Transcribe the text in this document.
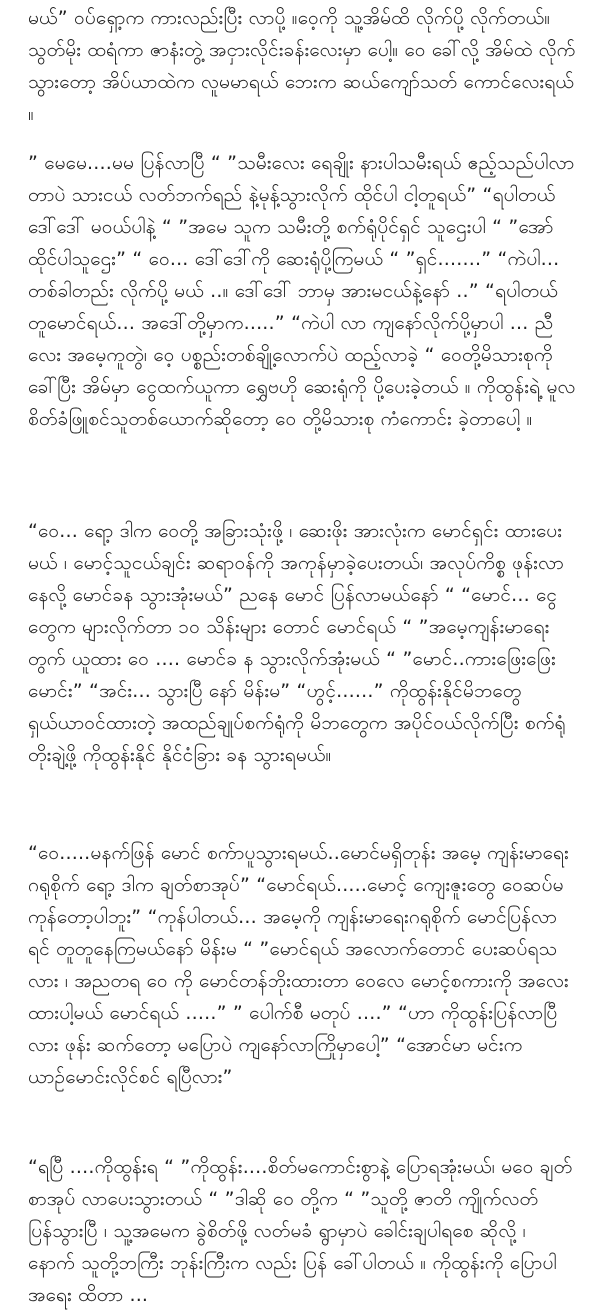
မယ်” ဝပ်ရှော့က ကားလည်းပြီး လာပို့ ။ဝေ့ကို သူ့အိမ်ထိ လိုက်ပို့ လိုက်တယ်။ သွတ်မိုး ထရံကာ ဇာနံးတွဲ့ အငှားလိုင်းခန်းလေးမှာ ပေါ့။ ဝေ ခေါ်လို့ အိမ်ထဲ လိုက်သွားတော့ အိပ်ယာထဲက လူမမာရယ် ဘေးက ဆယ်ကျော်သတ် ကောင်လေးရယ် ။

” မေမေ....မမ ပြန်လာပြီ “ ”သမီးလေး ရေချိုး နားပါသမီးရယ် ဧည့်သည်ပါလာတာပဲ သားငယ် လတ်ဘက်ရည် နဲ့မုန့်သွားလိုက် ထိုင်ပါ ငါ့တူရယ်” “ရပါတယ် ဒေါ်ဒေါ် မဝယ်ပါနဲ့ “ ”အမေ သူက သမီးတို့ စက်ရုံပိုင်ရှင် သူဌေးပါ “ ”အော် ထိုင်ပါသူဌေး” “ ဝေ... ဒေါ်ဒေါ်ကို ဆေးရုံပို့ကြမယ် “ ”ရှင်.......” “ကဲပါ... တစ်ခါတည်း လိုက်ပို့ မယ် ..။ ဒေါ်ဒေါ် ဘာမှ အားမငယ်နဲ့နော် ..” “ရပါတယ် တူမောင်ရယ်... အဒေါ်တို့မှာက.....” “ကဲပါ လာ ကျနော်လိုက်ပို့မှာပါ ... ညီလေး အမေ့ကူတွဲ၊ ဝေ့ ပစ္စည်းတစ်ချို့လောက်ပဲ ထည့်လာခဲ့ “ ဝေတို့မိသားစုကို ခေါ်ပြီး အိမ်မှာ ငွေထက်ယူကာ ရွှေဗဟို ဆေးရုံကို ပို့ပေးခဲ့တယ် ။ ကိုထွန်းရဲ့ မူလ စိတ်ခံဖြူစင်သူတစ်ယောက်ဆိုတော့ ဝေ တို့မိသားစု ကံကောင်း ခဲ့တာပေါ့ ။

“ဝေ... ရော့ ဒါက ဝေတို့ အခြားသုံးဖို့ ၊ ဆေးဖိုး အားလုံးက မောင်ရှင်း ထားပေးမယ် ၊ မောင့်သူငယ်ချင်း ဆရာဝန်ကို အကုန်မှာခဲ့ပေးတယ်၊ အလုပ်ကိစ္စ ဖုန်းလာနေလို့ မောင်ခန သွားအုံးမယ်” ညနေ မောင် ပြန်လာမယ်နော် “ “မောင်... ငွေတွေက များလိုက်တာ ၁၀ သိန်းများ တောင် မောင်ရယ် “ ”အမေ့ကျန်းမာရေးတွက် ယူထား ဝေ .... မောင်ခ န သွားလိုက်အုံးမယ် “ ”မောင်..ကားဖြေးဖြေးမောင်း” “အင်း... သွားပြီ နော် မိန်းမ” “ဟွင့်......” ကိုထွန်းနိုင်မိဘတွေ ရှယ်ယာဝင်ထားတဲ့ အထည်ချုပ်စက်ရုံကို မိဘတွေက အပိုင်ဝယ်လိုက်ပြီး စက်ရုံတိုးချဲ့ဖို့ ကိုထွန်းနိုင် နိုင်ငံခြား ခန သွားရမယ်။

“ဝေ.....မနက်ဖြန် မောင် စက်ာပူသွားရမယ်..မောင်မရှိတုန်း အမေ့ ကျန်းမာရေး ဂရုစိုက် ရော့ ဒါက ချတ်စာအုပ်” “မောင်ရယ်.....မောင့် ကျေးဇူးတွေ ဝေဆပ်မကုန်တော့ပါဘူး” “ကုန်ပါတယ်... အမေ့ကို ကျန်းမာရေးဂရုစိုက် မောင်ပြန်လာရင် တူတူနေကြမယ်နော် မိန်းမ “ ”မောင်ရယ် အလောက်တောင် ပေးဆပ်ရသလား ၊ အညတရ ဝေ ကို မောင်တန်ဘိုးထားတာ ဝေလေ မောင့်စကားကို အလေးထားပါ့မယ် မောင်ရယ် .....” ” ပေါက်စီ မတုပ် ....” “ဟာ ကိုထွန်းပြန်လာပြီလား ဖုန်း ဆက်တော့ မပြောပဲ ကျနော်လာကြိုမှာပေါ့” “အောင်မာ မင်းက ယာဉ်မောင်းလိုင်စင် ရပြီလား”

“ရပြီ ....ကိုထွန်းရ “ ”ကိုထွန်း....စိတ်မကောင်းစွာနဲ့ ပြောရအုံးမယ်၊ မဝေ ချတ်စာအုပ် လာပေးသွားတယ် “ ”ဒါဆို ဝေ တို့က “ ”သူတို့ ဇာတိ ကျိုက်လတ်ပြန်သွားပြီ ၊ သူ့အမေက ခွဲစိတ်ဖို့ လတ်မခံ ရွာမှာပဲ ခေါင်းချပါရစေ ဆိုလို့ ၊ နောက် သူတို့ဘကြီး ဘုန်းကြီးက လည်း ပြန် ခေါ်ပါတယ် ။ ကိုထွန်းကို ပြောပါ အရေး ထိတာ ...
